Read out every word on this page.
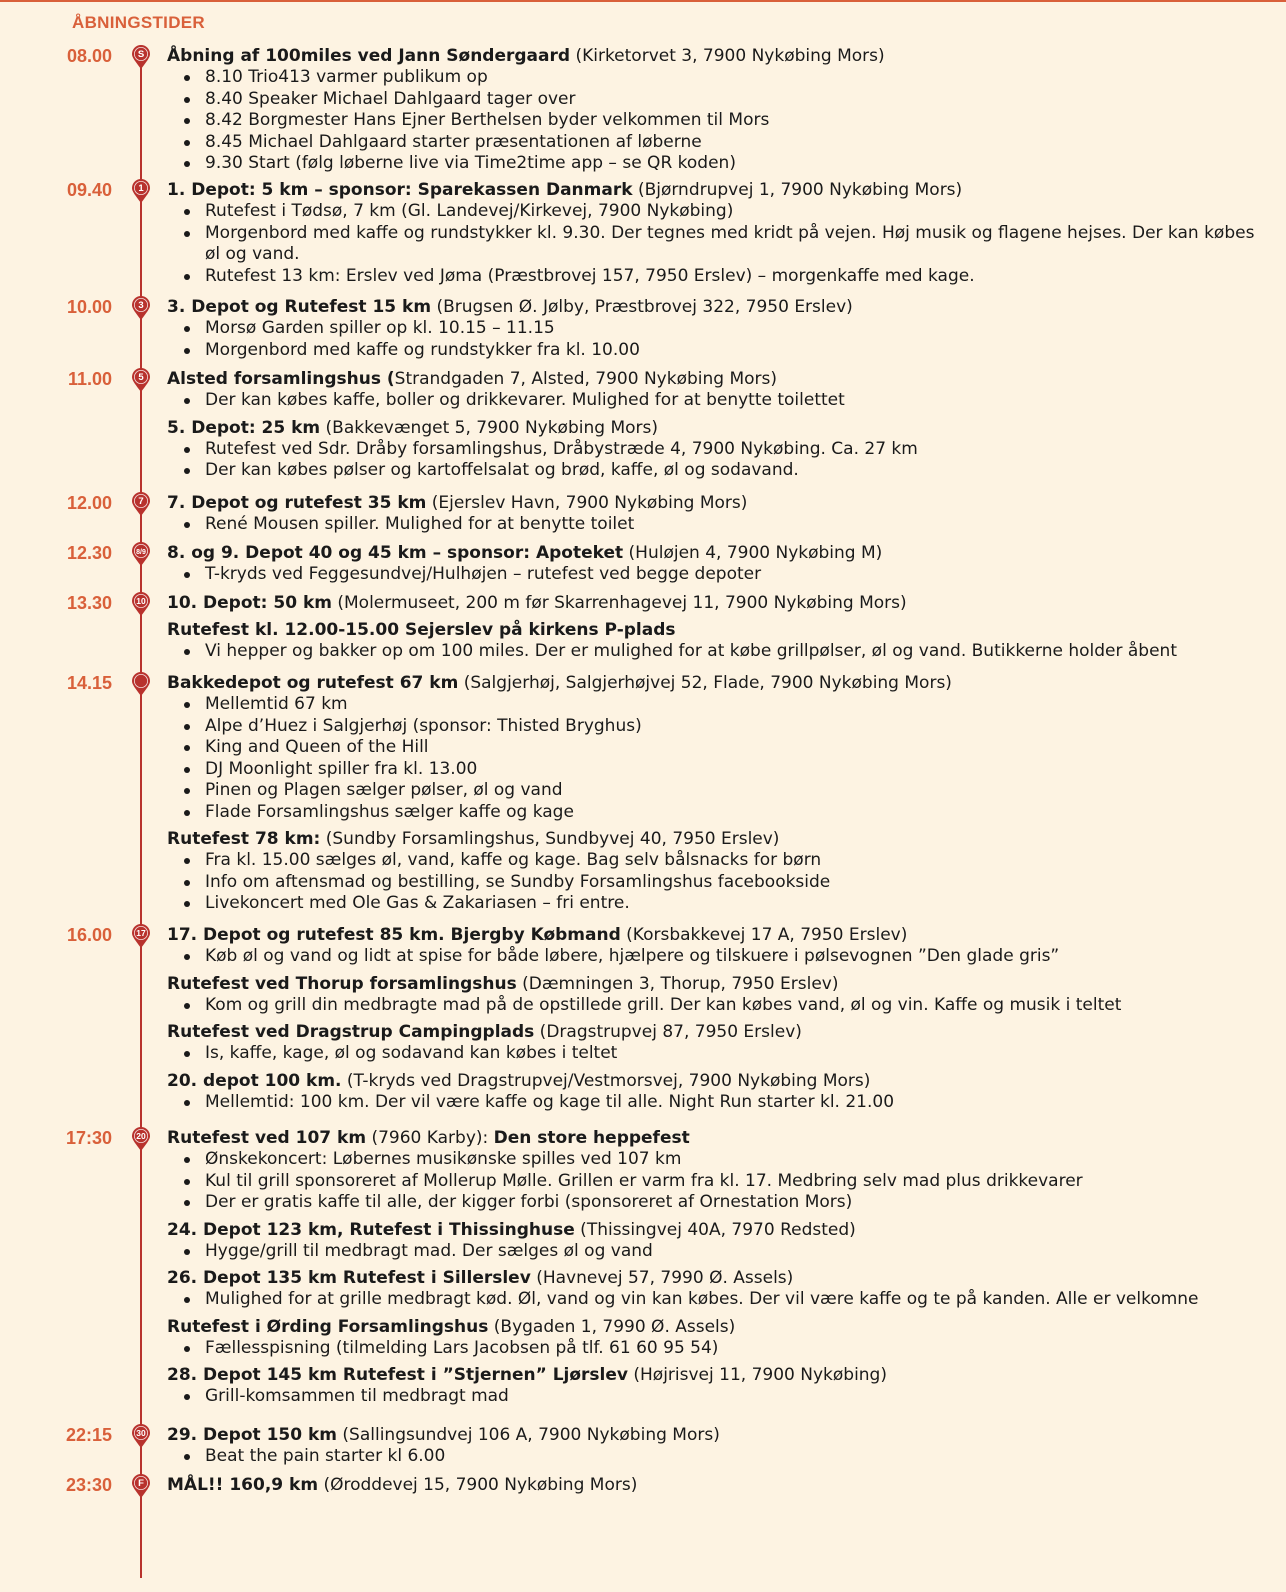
ÅBNINGSTIDER
08.00	S Åbning af 100miles ved Jann Søndergaard (Kirketorvet 3, 7900 Nykøbing Mors)

8.10 Trio413 varmer publikum op
8.40 Speaker Michael Dahlgaard tager over
8.42 Borgmester Hans Ejner Berthelsen byder velkommen til Mors
8.45 Michael Dahlgaard starter præsentationen af løberne
9.30 Start (følg løberne live via Time2time app – se QR koden)
09.40	1 1. Depot: 5 km – sponsor: Sparekassen Danmark (Bjørndrupvej 1, 7900 Nykøbing Mors)

Rutefest i Tødsø, 7 km (Gl. Landevej/Kirkevej, 7900 Nykøbing)
Morgenbord med kaffe og rundstykker kl. 9.30. Der tegnes med kridt på vejen. Høj musik og flagene hejses. Der kan købes øl og vand.
Rutefest 13 km: Erslev ved Jøma (Præstbrovej 157, 7950 Erslev) – morgenkaffe med kage.
10.00	3 3. Depot og Rutefest 15 km (Brugsen Ø. Jølby, Præstbrovej 322, 7950 Erslev)

Morsø Garden spiller op kl. 10.15 – 11.15
Morgenbord med kaffe og rundstykker fra kl. 10.00
11.00	5 Alsted forsamlingshus (Strandgaden 7, Alsted, 7900 Nykøbing Mors)

Der kan købes kaffe, boller og drikkevarer. Mulighed for at benytte toilettet

5. Depot: 25 km (Bakkevænget 5, 7900 Nykøbing Mors)

Rutefest ved Sdr. Dråby forsamlingshus, Dråbystræde 4, 7900 Nykøbing. Ca. 27 km
Der kan købes pølser og kartoffelsalat og brød, kaffe, øl og sodavand.
12.00	7 7. Depot og rutefest 35 km (Ejerslev Havn, 7900 Nykøbing Mors)

René Mousen spiller. Mulighed for at benytte toilet
12.30	8/9 8. og 9. Depot 40 og 45 km – sponsor: Apoteket (Huløjen 4, 7900 Nykøbing M)

T-kryds ved Feggesundvej/Hulhøjen – rutefest ved begge depoter
13.30	10 10. Depot: 50 km (Molermuseet, 200 m før Skarrenhagevej 11, 7900 Nykøbing Mors)

Rutefest kl. 12.00-15.00 Sejerslev på kirkens P-plads

Vi hepper og bakker op om 100 miles. Der er mulighed for at købe grillpølser, øl og vand. Butikkerne holder åbent
14.15	Bakkedepot og rutefest 67 km (Salgjerhøj, Salgjerhøjvej 52, Flade, 7900 Nykøbing Mors)

Mellemtid 67 km
Alpe d’Huez i Salgjerhøj (sponsor: Thisted Bryghus)
King and Queen of the Hill
DJ Moonlight spiller fra kl. 13.00
Pinen og Plagen sælger pølser, øl og vand
Flade Forsamlingshus sælger kaffe og kage

Rutefest 78 km: (Sundby Forsamlingshus, Sundbyvej 40, 7950 Erslev)

Fra kl. 15.00 sælges øl, vand, kaffe og kage. Bag selv bålsnacks for børn
Info om aftensmad og bestilling, se Sundby Forsamlingshus facebookside
Livekoncert med Ole Gas & Zakariasen – fri entre.
16.00	17 17. Depot og rutefest 85 km. Bjergby Købmand (Korsbakkevej 17 A, 7950 Erslev)

Køb øl og vand og lidt at spise for både løbere, hjælpere og tilskuere i pølsevognen ”Den glade gris”

Rutefest ved Thorup forsamlingshus (Dæmningen 3, Thorup, 7950 Erslev)

Kom og grill din medbragte mad på de opstillede grill. Der kan købes vand, øl og vin. Kaffe og musik i teltet

Rutefest ved Dragstrup Campingplads (Dragstrupvej 87, 7950 Erslev)

Is, kaffe, kage, øl og sodavand kan købes i teltet

20. depot 100 km. (T-kryds ved Dragstrupvej/Vestmorsvej, 7900 Nykøbing Mors)

Mellemtid: 100 km. Der vil være kaffe og kage til alle. Night Run starter kl. 21.00
17:30	20 Rutefest ved 107 km (7960 Karby): Den store heppefest

Ønskekoncert: Løbernes musikønske spilles ved 107 km
Kul til grill sponsoreret af Mollerup Mølle. Grillen er varm fra kl. 17. Medbring selv mad plus drikkevarer
Der er gratis kaffe til alle, der kigger forbi (sponsoreret af Ornestation Mors)

24. Depot 123 km, Rutefest i Thissinghuse (Thissingvej 40A, 7970 Redsted)

Hygge/grill til medbragt mad. Der sælges øl og vand

26. Depot 135 km Rutefest i Sillerslev (Havnevej 57, 7990 Ø. Assels)

Mulighed for at grille medbragt kød. Øl, vand og vin kan købes. Der vil være kaffe og te på kanden. Alle er velkomne

Rutefest i Ørding Forsamlingshus (Bygaden 1, 7990 Ø. Assels)

Fællesspisning (tilmelding Lars Jacobsen på tlf. 61 60 95 54)

28. Depot 145 km Rutefest i ”Stjernen” Ljørslev (Højrisvej 11, 7900 Nykøbing)

Grill-komsammen til medbragt mad
22:15	30 29. Depot 150 km (Sallingsundvej 106 A, 7900 Nykøbing Mors)

Beat the pain starter kl 6.00
23:30	F MÅL!! 160,9 km (Øroddevej 15, 7900 Nykøbing Mors)
